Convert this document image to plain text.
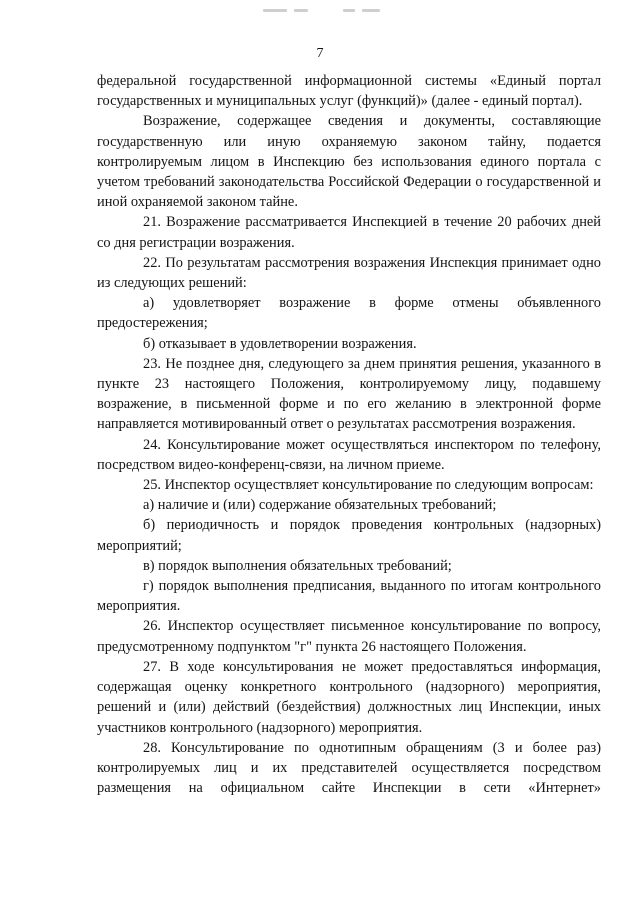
7

федеральной государственной информационной системы «Единый портал государственных и муниципальных услуг (функций)» (далее - единый портал).

Возражение, содержащее сведения и документы, составляющие государственную или иную охраняемую законом тайну, подается контролируемым лицом в Инспекцию без использования единого портала с учетом требований законодательства Российской Федерации о государственной и иной охраняемой законом тайне.

21. Возражение рассматривается Инспекцией в течение 20 рабочих дней со дня регистрации возражения.

22. По результатам рассмотрения возражения Инспекция принимает одно из следующих решений:

а) удовлетворяет возражение в форме отмены объявленного предостережения;

б) отказывает в удовлетворении возражения.

23. Не позднее дня, следующего за днем принятия решения, указанного в пункте 23 настоящего Положения, контролируемому лицу, подавшему возражение, в письменной форме и по его желанию в электронной форме направляется мотивированный ответ о результатах рассмотрения возражения.

24. Консультирование может осуществляться инспектором по телефону, посредством видео-конференц-связи, на личном приеме.

25. Инспектор осуществляет консультирование по следующим вопросам:

а) наличие и (или) содержание обязательных требований;

б) периодичность и порядок проведения контрольных (надзорных) мероприятий;

в) порядок выполнения обязательных требований;

г) порядок выполнения предписания, выданного по итогам контрольного мероприятия.

26. Инспектор осуществляет письменное консультирование по вопросу, предусмотренному подпунктом "г" пункта 26 настоящего Положения.

27. В ходе консультирования не может предоставляться информация, содержащая оценку конкретного контрольного (надзорного) мероприятия, решений и (или) действий (бездействия) должностных лиц Инспекции, иных участников контрольного (надзорного) мероприятия.

28. Консультирование по однотипным обращениям (3 и более раз) контролируемых лиц и их представителей осуществляется посредством размещения на официальном сайте Инспекции в сети «Интернет»
